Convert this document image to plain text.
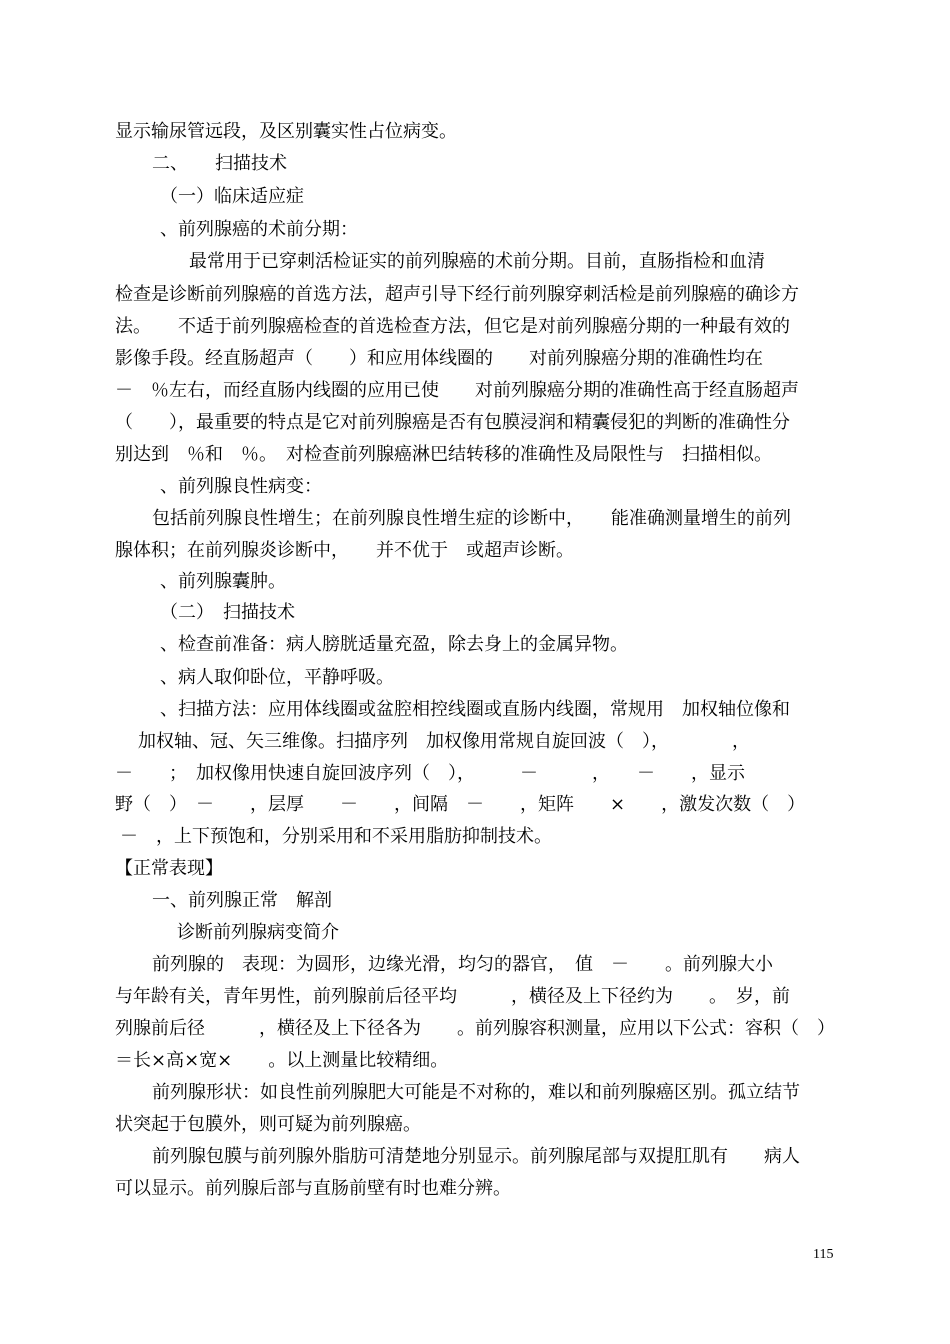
显示输尿管远段，及区别囊实性占位病变。
二、　　扫描技术
（一）临床适应症
、前列腺癌的术前分期：
最常用于已穿刺活检证实的前列腺癌的术前分期。目前，直肠指检和血清
检查是诊断前列腺癌的首选方法，超声引导下经行前列腺穿刺活检是前列腺癌的确诊方
法。　　不适于前列腺癌检查的首选检查方法，但它是对前列腺癌分期的一种最有效的
影像手段。经直肠超声（　　）和应用体线圈的　　对前列腺癌分期的准确性均在
－　％左右，而经直肠内线圈的应用已使　　对前列腺癌分期的准确性高于经直肠超声
（　　），最重要的特点是它对前列腺癌是否有包膜浸润和精囊侵犯的判断的准确性分
别达到　％和　％。　对检查前列腺癌淋巴结转移的准确性及局限性与　扫描相似。
、前列腺良性病变：
包括前列腺良性增生；在前列腺良性增生症的诊断中，　　能准确测量增生的前列
腺体积；在前列腺炎诊断中，　　并不优于　或超声诊断。
、前列腺囊肿。
（二）　扫描技术
、检查前准备：病人膀胱适量充盈，除去身上的金属异物。
、病人取仰卧位，平静呼吸。
、扫描方法：应用体线圈或盆腔相控线圈或直肠内线圈，常规用　加权轴位像和
加权轴、冠、矢三维像。扫描序列　加权像用常规自旋回波（　），　　　　，
－　　；　加权像用快速自旋回波序列（　），　　　－　　　，　　－　　，显示
野（　）　－　　，层厚　　－　　，间隔　－　　，矩阵　　×　　，激发次数（　）
－　，上下预饱和，分别采用和不采用脂肪抑制技术。
【正常表现】
一、前列腺正常　解剖
诊断前列腺病变简介
前列腺的　表现：为圆形，边缘光滑，均匀的器官，　值　－　　。前列腺大小
与年龄有关，青年男性，前列腺前后径平均　　　，横径及上下径约为　　。　岁，前
列腺前后径　　　，横径及上下径各为　　。前列腺容积测量，应用以下公式：容积（　）
＝长×高×宽×　　。以上测量比较精细。
前列腺形状：如良性前列腺肥大可能是不对称的，难以和前列腺癌区别。孤立结节
状突起于包膜外，则可疑为前列腺癌。
前列腺包膜与前列腺外脂肪可清楚地分别显示。前列腺尾部与双提肛肌有　　病人
可以显示。前列腺后部与直肠前壁有时也难分辨。
115
